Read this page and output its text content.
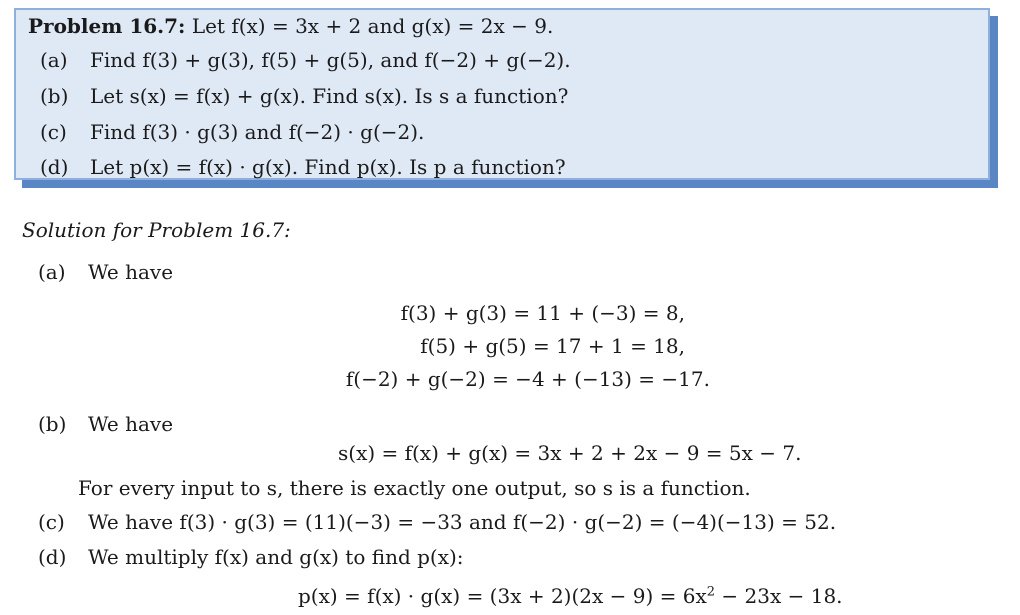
Problem 16.7: Let f(x) = 3x + 2 and g(x) = 2x − 9.
(a) Find f(3) + g(3), f(5) + g(5), and f(−2) + g(−2).
(b) Let s(x) = f(x) + g(x). Find s(x). Is s a function?
(c) Find f(3) · g(3) and f(−2) · g(−2).
(d) Let p(x) = f(x) · g(x). Find p(x). Is p a function?
Solution for Problem 16.7:
(a) We have
f(3) + g(3) = 11 + (−3) = 8,
f(5) + g(5) = 17 + 1 = 18,
f(−2) + g(−2) = −4 + (−13) = −17.
(b) We have
s(x) = f(x) + g(x) = 3x + 2 + 2x − 9 = 5x − 7.
For every input to s, there is exactly one output, so s is a function.
(c) We have f(3) · g(3) = (11)(−3) = −33 and f(−2) · g(−2) = (−4)(−13) = 52.
(d) We multiply f(x) and g(x) to find p(x):
$p(x) = f(x) \cdot g(x) = (3x + 2)(2x - 9) = 6x^2 - 23x - 18$.
